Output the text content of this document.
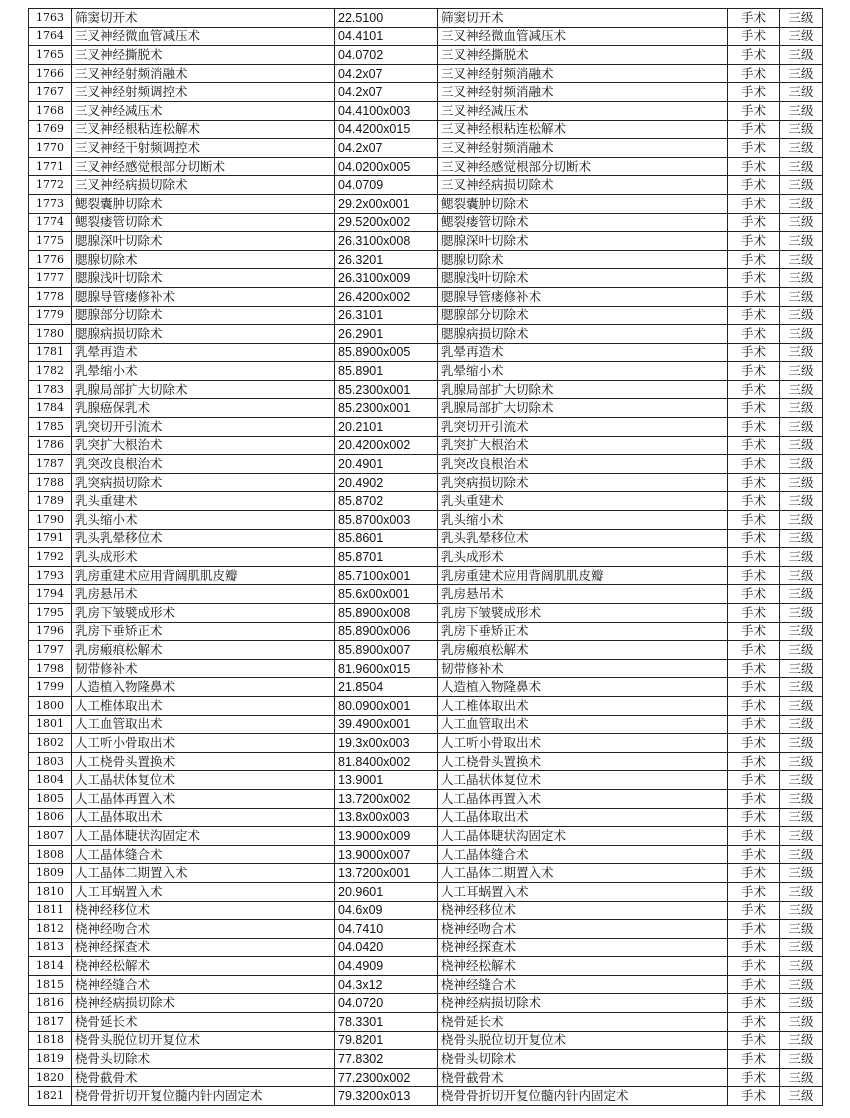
1763	筛窦切开术	22.5100	筛窦切开术	手术	三级
1764	三叉神经微血管减压术	04.4101	三叉神经微血管减压术	手术	三级
1765	三叉神经撕脱术	04.0702	三叉神经撕脱术	手术	三级
1766	三叉神经射频消融术	04.2x07	三叉神经射频消融术	手术	三级
1767	三叉神经射频调控术	04.2x07	三叉神经射频消融术	手术	三级
1768	三叉神经减压术	04.4100x003	三叉神经减压术	手术	三级
1769	三叉神经根粘连松解术	04.4200x015	三叉神经根粘连松解术	手术	三级
1770	三叉神经干射频调控术	04.2x07	三叉神经射频消融术	手术	三级
1771	三叉神经感觉根部分切断术	04.0200x005	三叉神经感觉根部分切断术	手术	三级
1772	三叉神经病损切除术	04.0709	三叉神经病损切除术	手术	三级
1773	鳃裂囊肿切除术	29.2x00x001	鳃裂囊肿切除术	手术	三级
1774	鳃裂瘘管切除术	29.5200x002	鳃裂瘘管切除术	手术	三级
1775	腮腺深叶切除术	26.3100x008	腮腺深叶切除术	手术	三级
1776	腮腺切除术	26.3201	腮腺切除术	手术	三级
1777	腮腺浅叶切除术	26.3100x009	腮腺浅叶切除术	手术	三级
1778	腮腺导管瘘修补术	26.4200x002	腮腺导管瘘修补术	手术	三级
1779	腮腺部分切除术	26.3101	腮腺部分切除术	手术	三级
1780	腮腺病损切除术	26.2901	腮腺病损切除术	手术	三级
1781	乳晕再造术	85.8900x005	乳晕再造术	手术	三级
1782	乳晕缩小术	85.8901	乳晕缩小术	手术	三级
1783	乳腺局部扩大切除术	85.2300x001	乳腺局部扩大切除术	手术	三级
1784	乳腺癌保乳术	85.2300x001	乳腺局部扩大切除术	手术	三级
1785	乳突切开引流术	20.2101	乳突切开引流术	手术	三级
1786	乳突扩大根治术	20.4200x002	乳突扩大根治术	手术	三级
1787	乳突改良根治术	20.4901	乳突改良根治术	手术	三级
1788	乳突病损切除术	20.4902	乳突病损切除术	手术	三级
1789	乳头重建术	85.8702	乳头重建术	手术	三级
1790	乳头缩小术	85.8700x003	乳头缩小术	手术	三级
1791	乳头乳晕移位术	85.8601	乳头乳晕移位术	手术	三级
1792	乳头成形术	85.8701	乳头成形术	手术	三级
1793	乳房重建术应用背阔肌肌皮瓣	85.7100x001	乳房重建术应用背阔肌肌皮瓣	手术	三级
1794	乳房悬吊术	85.6x00x001	乳房悬吊术	手术	三级
1795	乳房下皱襞成形术	85.8900x008	乳房下皱襞成形术	手术	三级
1796	乳房下垂矫正术	85.8900x006	乳房下垂矫正术	手术	三级
1797	乳房瘢痕松解术	85.8900x007	乳房瘢痕松解术	手术	三级
1798	韧带修补术	81.9600x015	韧带修补术	手术	三级
1799	人造植入物隆鼻术	21.8504	人造植入物隆鼻术	手术	三级
1800	人工椎体取出术	80.0900x001	人工椎体取出术	手术	三级
1801	人工血管取出术	39.4900x001	人工血管取出术	手术	三级
1802	人工听小骨取出术	19.3x00x003	人工听小骨取出术	手术	三级
1803	人工桡骨头置换术	81.8400x002	人工桡骨头置换术	手术	三级
1804	人工晶状体复位术	13.9001	人工晶状体复位术	手术	三级
1805	人工晶体再置入术	13.7200x002	人工晶体再置入术	手术	三级
1806	人工晶体取出术	13.8x00x003	人工晶体取出术	手术	三级
1807	人工晶体睫状沟固定术	13.9000x009	人工晶体睫状沟固定术	手术	三级
1808	人工晶体缝合术	13.9000x007	人工晶体缝合术	手术	三级
1809	人工晶体二期置入术	13.7200x001	人工晶体二期置入术	手术	三级
1810	人工耳蜗置入术	20.9601	人工耳蜗置入术	手术	三级
1811	桡神经移位术	04.6x09	桡神经移位术	手术	三级
1812	桡神经吻合术	04.7410	桡神经吻合术	手术	三级
1813	桡神经探查术	04.0420	桡神经探查术	手术	三级
1814	桡神经松解术	04.4909	桡神经松解术	手术	三级
1815	桡神经缝合术	04.3x12	桡神经缝合术	手术	三级
1816	桡神经病损切除术	04.0720	桡神经病损切除术	手术	三级
1817	桡骨延长术	78.3301	桡骨延长术	手术	三级
1818	桡骨头脱位切开复位术	79.8201	桡骨头脱位切开复位术	手术	三级
1819	桡骨头切除术	77.8302	桡骨头切除术	手术	三级
1820	桡骨截骨术	77.2300x002	桡骨截骨术	手术	三级
1821	桡骨骨折切开复位髓内针内固定术	79.3200x013	桡骨骨折切开复位髓内针内固定术	手术	三级
